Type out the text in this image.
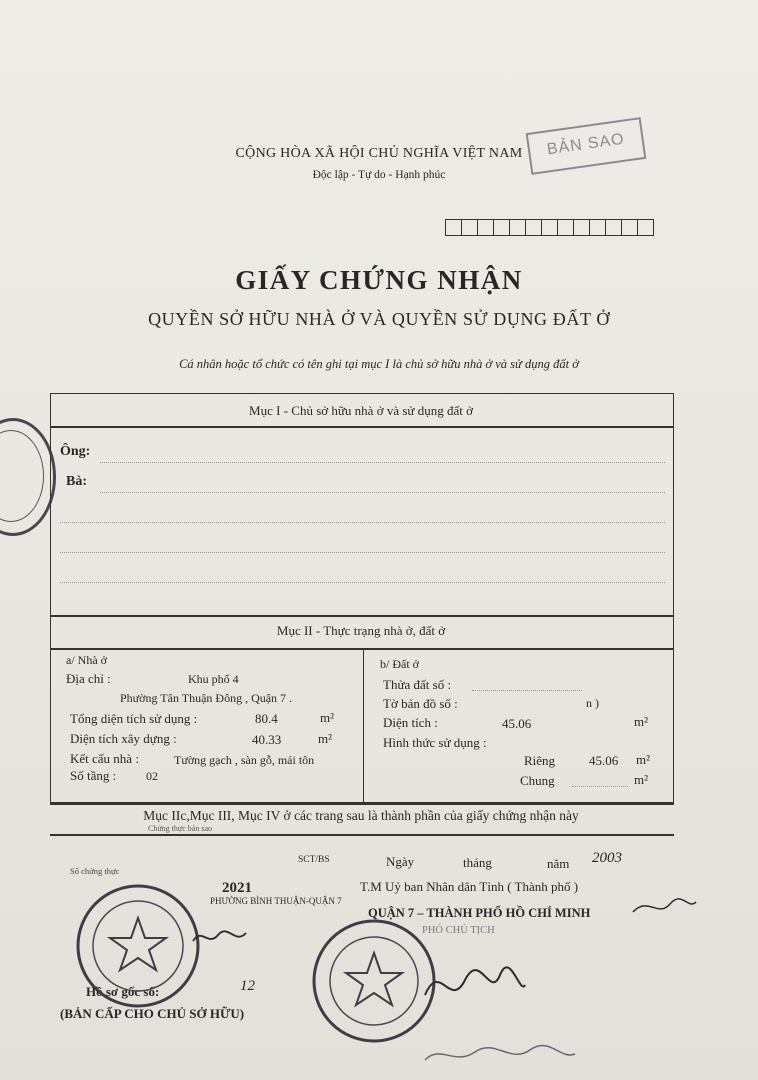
CỘNG HÒA XÃ HỘI CHỦ NGHĨA VIỆT NAM
Độc lập - Tự do - Hạnh phúc
BẢN SAO
GIẤY CHỨNG NHẬN
QUYỀN SỞ HỮU NHÀ Ở VÀ QUYỀN SỬ DỤNG ĐẤT Ở
Cá nhân hoặc tổ chức có tên ghi tại mục I là chủ sở hữu nhà ở và sử dụng đất ở
Mục I - Chủ sở hữu nhà ở và sử dụng đất ở
Ông:
Bà:
Mục II - Thực trạng nhà ở, đất ở
a/ Nhà ở
Địa chỉ :	Khu phố 4
Phường Tân Thuận Đông , Quận 7 .
Tổng diện tích sử dụng :	80.4	m²
Diện tích xây dựng :	40.33	m²
Kết cấu nhà :	Tường gạch , sàn gỗ, mái tôn
Số tầng : 02
b/ Đất ở
Thửa đất số :
Tờ bản đồ số :	n )
Diện tích :	45.06	m²
Hình thức sử dụng :
Riêng	45.06 m²
Chung	m²
Mục IIc,Mục III, Mục IV ở các trang sau là thành phần của giấy chứng nhận này
Chứng thực bản sao
Số chứng thực
SCT/BS
2021
PHƯỜNG BÌNH THUẬN-QUẬN 7
Ngày	tháng	năm 2003
T.M Uỷ ban Nhân dân Tỉnh ( Thành phố )
QUẬN 7 – THÀNH PHỐ HỒ CHÍ MINH
PHÓ CHỦ TỊCH
Hồ sơ gốc số:	12
(BẢN CẤP CHO CHỦ SỞ HỮU)
